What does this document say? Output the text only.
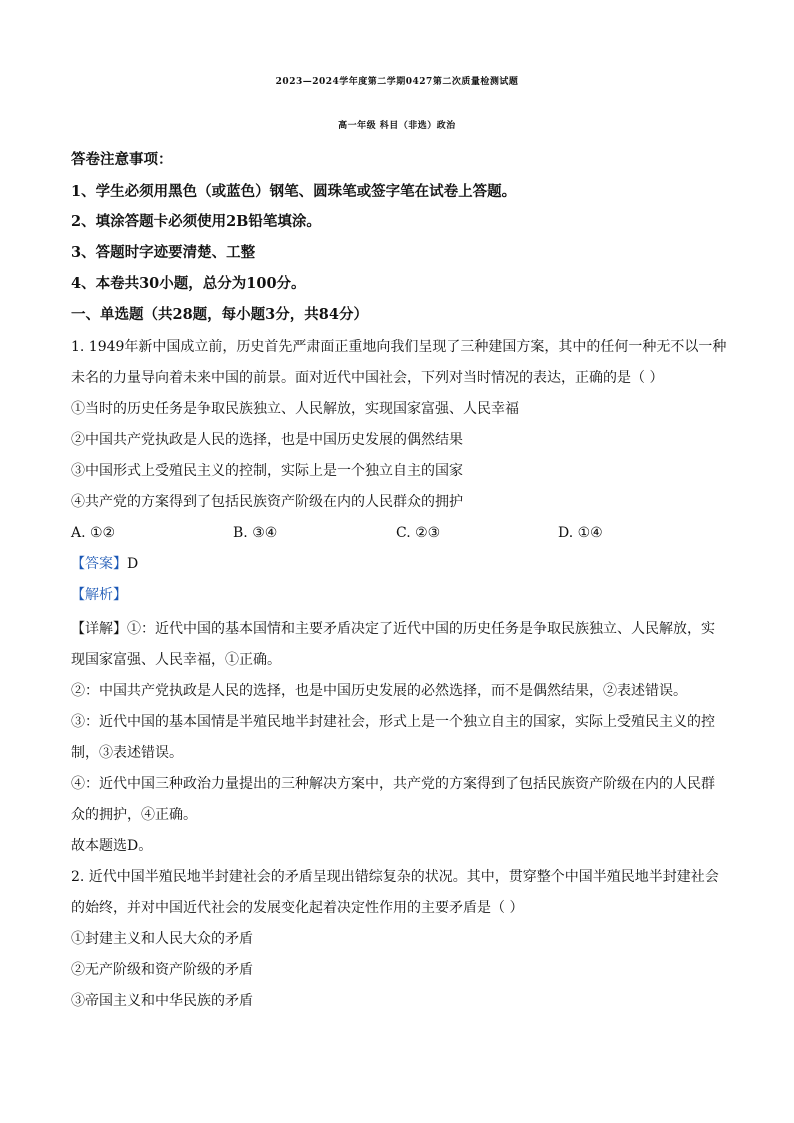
2023—2024学年度第二学期0427第二次质量检测试题
高一年级 科目（非选）政治
答卷注意事项：
1、学生必须用黑色（或蓝色）钢笔、圆珠笔或签字笔在试卷上答题。
2、填涂答题卡必须使用2B铅笔填涂。
3、答题时字迹要清楚、工整
4、本卷共30小题，总分为100分。
一、单选题（共28题，每小题3分，共84分）
1. 1949年新中国成立前，历史首先严肃面正重地向我们呈现了三种建国方案，其中的任何一种无不以一种
未名的力量导向着未来中国的前景。面对近代中国社会，下列对当时情况的表达，正确的是（ ）
①当时的历史任务是争取民族独立、人民解放，实现国家富强、人民幸福
②中国共产党执政是人民的选择，也是中国历史发展的偶然结果
③中国形式上受殖民主义的控制，实际上是一个独立自主的国家
④共产党的方案得到了包括民族资产阶级在内的人民群众的拥护
A. ①②	B. ③④	C. ②③	D. ①④
【答案】D
【解析】
【详解】①：近代中国的基本国情和主要矛盾决定了近代中国的历史任务是争取民族独立、人民解放，实
现国家富强、人民幸福，①正确。
②：中国共产党执政是人民的选择，也是中国历史发展的必然选择，而不是偶然结果，②表述错误。
③：近代中国的基本国情是半殖民地半封建社会，形式上是一个独立自主的国家，实际上受殖民主义的控
制，③表述错误。
④：近代中国三种政治力量提出的三种解决方案中，共产党的方案得到了包括民族资产阶级在内的人民群
众的拥护，④正确。
故本题选D。
2. 近代中国半殖民地半封建社会的矛盾呈现出错综复杂的状况。其中，贯穿整个中国半殖民地半封建社会
的始终，并对中国近代社会的发展变化起着决定性作用的主要矛盾是（ ）
①封建主义和人民大众的矛盾
②无产阶级和资产阶级的矛盾
③帝国主义和中华民族的矛盾
